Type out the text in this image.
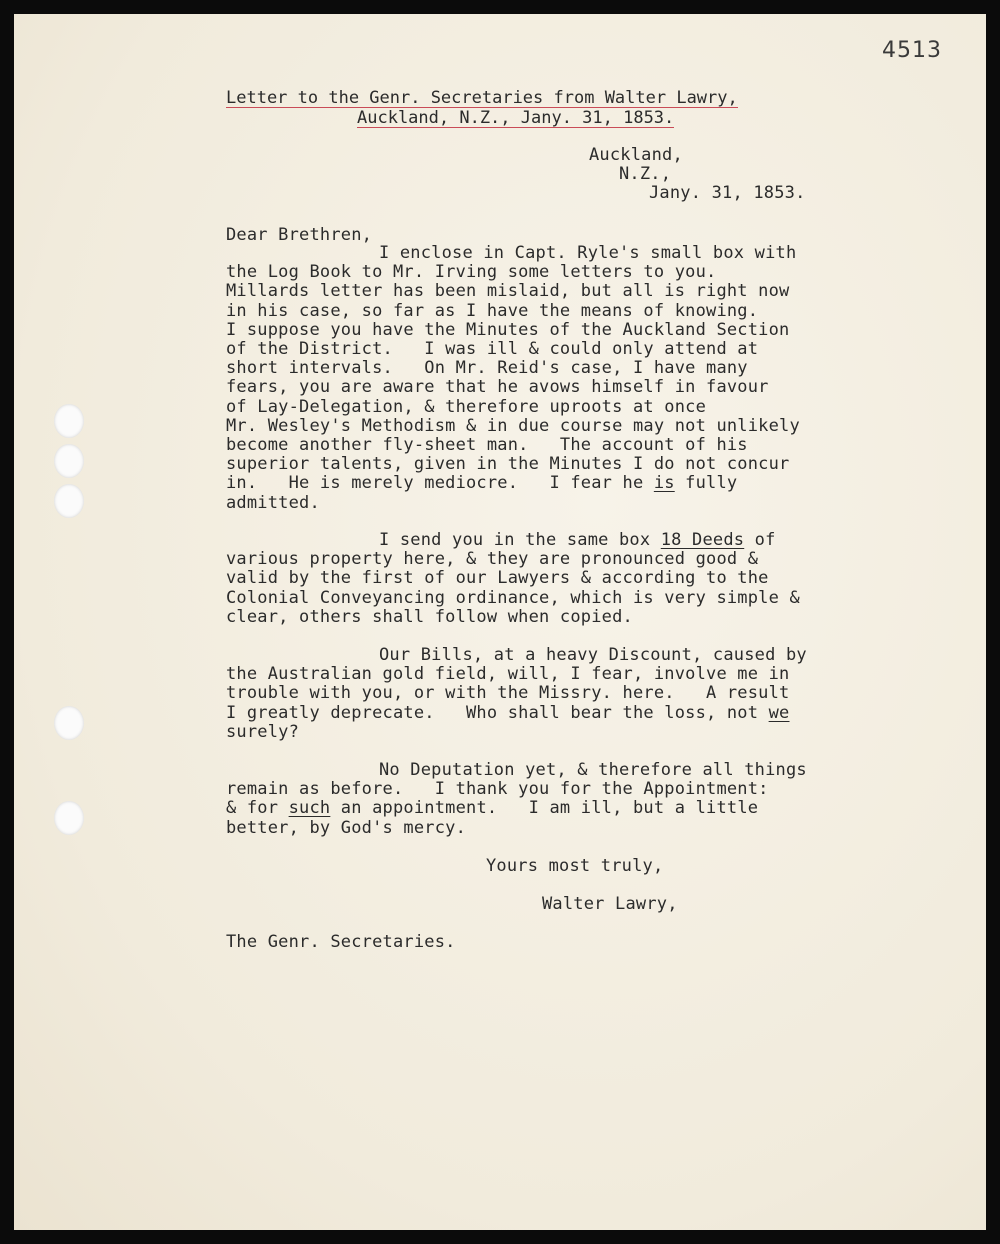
4513
Letter to the Genr. Secretaries from Walter Lawry,
Auckland, N.Z., Jany. 31, 1853.
Auckland,
N.Z.,
Jany. 31, 1853.
Dear Brethren,
I enclose in Capt. Ryle's small box with
the Log Book to Mr. Irving some letters to you.
Millards letter has been mislaid, but all is right now
in his case, so far as I have the means of knowing.
I suppose you have the Minutes of the Auckland Section
of the District.   I was ill & could only attend at
short intervals.   On Mr. Reid's case, I have many
fears, you are aware that he avows himself in favour
of Lay-Delegation, & therefore uproots at once
Mr. Wesley's Methodism & in due course may not unlikely
become another fly-sheet man.   The account of his
superior talents, given in the Minutes I do not concur
in.   He is merely mediocre.   I fear he is fully
admitted.
I send you in the same box 18 Deeds of
various property here, & they are pronounced good &
valid by the first of our Lawyers & according to the
Colonial Conveyancing ordinance, which is very simple &
clear, others shall follow when copied.
Our Bills, at a heavy Discount, caused by
the Australian gold field, will, I fear, involve me in
trouble with you, or with the Missry. here.   A result
I greatly deprecate.   Who shall bear the loss, not we
surely?
No Deputation yet, & therefore all things
remain as before.   I thank you for the Appointment:
& for such an appointment.   I am ill, but a little
better, by God's mercy.
Yours most truly,
Walter Lawry,
The Genr. Secretaries.
